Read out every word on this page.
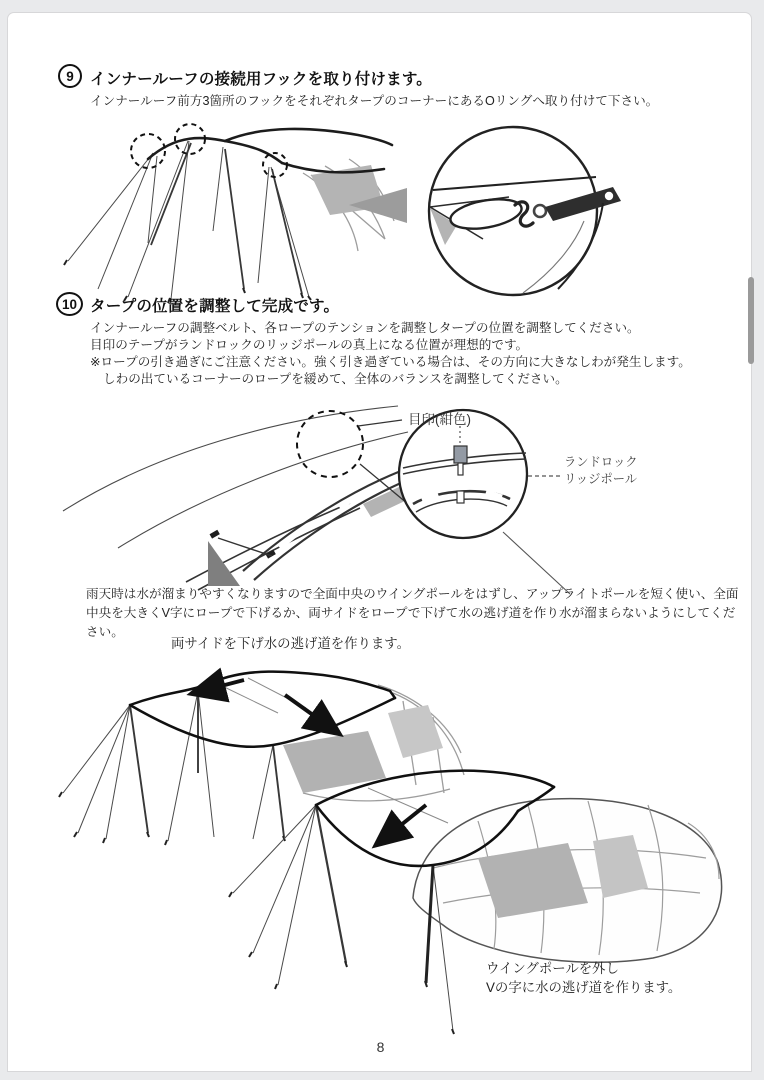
9 インナールーフの接続用フックを取り付けます。
インナールーフ前方3箇所のフックをそれぞれタープのコーナーにあるOリングへ取り付けて下さい。
10 タープの位置を調整して完成です。
インナールーフの調整ベルト、各ロープのテンションを調整しタープの位置を調整してください。
目印のテープがランドロックのリッジポールの真上になる位置が理想的です。
※ロープの引き過ぎにご注意ください。強く引き過ぎている場合は、その方向に大きなしわが発生します。
しわの出ているコーナーのロープを緩めて、全体のバランスを調整してください。
目印(紺色)
ランドロック
リッジポール
雨天時は水が溜まりやすくなりますので全面中央のウイングポールをはずし、アップライトポールを短く使い、全面中央を大きくV字にロープで下げるか、両サイドをロープで下げて水の逃げ道を作り水が溜まらないようにしてください。
両サイドを下げ水の逃げ道を作ります。
ウイングポールを外し
Vの字に水の逃げ道を作ります。
8
